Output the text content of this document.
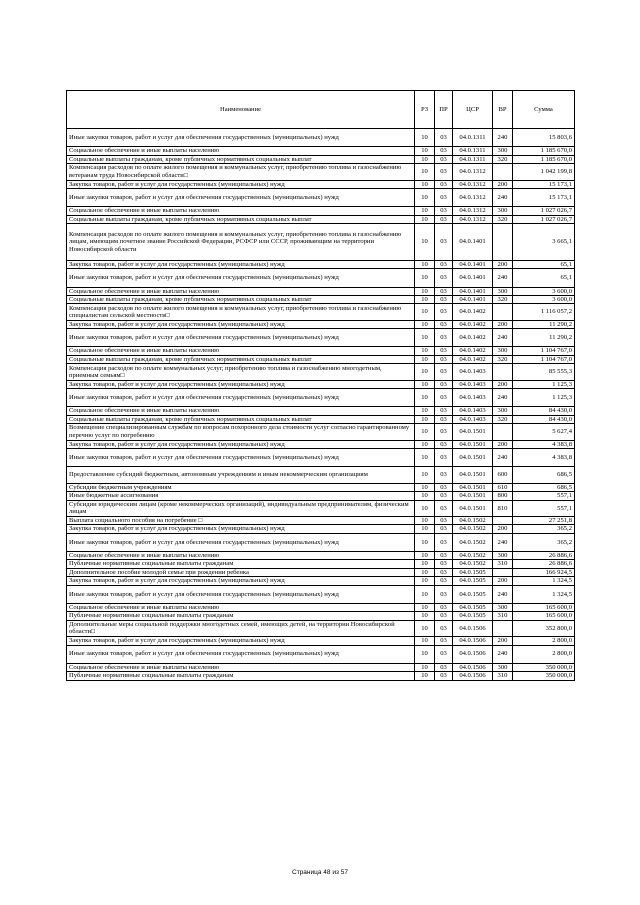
Наименование	РЗ	ПР	ЦСР	ВР	Сумма
Иные закупки товаров, работ и услуг для обеспечения государственных (муниципальных) нужд	10	03	04.0.1311	240	15 803,6
Социальное обеспечение и иные выплаты населению	10	03	04.0.1311	300	1 185 670,0
Социальные выплаты гражданам, кроме публичных нормативных социальных выплат	10	03	04.0.1311	320	1 185 670,0
Компенсация расходов по оплате жилого помещения и коммунальных услуг, приобретению топлива и газоснабжению ветеранам труда Новосибирской области□	10	03	04.0.1312		1 042 199,8
Закупка товаров, работ и услуг для государственных (муниципальных) нужд	10	03	04.0.1312	200	15 173,1
Иные закупки товаров, работ и услуг для обеспечения государственных (муниципальных) нужд	10	03	04.0.1312	240	15 173,1
Социальное обеспечение и иные выплаты населению	10	03	04.0.1312	300	1 027 026,7
Социальные выплаты гражданам, кроме публичных нормативных социальных выплат	10	03	04.0.1312	320	1 027 026,7
Компенсация расходов по оплате жилого помещения и коммунальных услуг, приобретению топлива и газоснабжению лицам, имеющим почетное звание Российской Федерации, РСФСР или СССР, проживающим на территории Новосибирской области	10	03	04.0.1401		3 665,1
Закупка товаров, работ и услуг для государственных (муниципальных) нужд	10	03	04.0.1401	200	65,1
Иные закупки товаров, работ и услуг для обеспечения государственных (муниципальных) нужд	10	03	04.0.1401	240	65,1
Социальное обеспечение и иные выплаты населению	10	03	04.0.1401	300	3 600,0
Социальные выплаты гражданам, кроме публичных нормативных социальных выплат	10	03	04.0.1401	320	3 600,0
Компенсация расходов по оплате жилого помещения и коммунальных услуг, приобретению топлива и газоснабжению специалистам сельской местности□	10	03	04.0.1402		1 116 057,2
Закупка товаров, работ и услуг для государственных (муниципальных) нужд	10	03	04.0.1402	200	11 290,2
Иные закупки товаров, работ и услуг для обеспечения государственных (муниципальных) нужд	10	03	04.0.1402	240	11 290,2
Социальное обеспечение и иные выплаты населению	10	03	04.0.1402	300	1 104 767,0
Социальные выплаты гражданам, кроме публичных нормативных социальных выплат	10	03	04.0.1402	320	1 104 767,0
Компенсация расходов по оплате коммунальных услуг, приобретению топлива и газоснабжению многодетным, приемным семьям□	10	03	04.0.1403		85 555,3
Закупка товаров, работ и услуг для государственных (муниципальных) нужд	10	03	04.0.1403	200	1 125,3
Иные закупки товаров, работ и услуг для обеспечения государственных (муниципальных) нужд	10	03	04.0.1403	240	1 125,3
Социальное обеспечение и иные выплаты населению	10	03	04.0.1403	300	84 430,0
Социальные выплаты гражданам, кроме публичных нормативных социальных выплат	10	03	04.0.1403	320	84 430,0
Возмещение специализированным службам по вопросам похоронного дела стоимости услуг согласно гарантированному перечню услуг по погребению	10	03	04.0.1501		5 627,4
Закупка товаров, работ и услуг для государственных (муниципальных) нужд	10	03	04.0.1501	200	4 383,8
Иные закупки товаров, работ и услуг для обеспечения государственных (муниципальных) нужд	10	03	04.0.1501	240	4 383,8
Предоставление субсидий бюджетным, автономным учреждениям и иным некоммерческим организациям	10	03	04.0.1501	600	686,5
Субсидии бюджетным учреждениям	10	03	04.0.1501	610	686,5
Иные бюджетные ассигнования	10	03	04.0.1501	800	557,1
Субсидии юридическим лицам (кроме некоммерческих организаций), индивидуальным предпринимателям, физическим лицам	10	03	04.0.1501	810	557,1
Выплата социального пособия на погребение □	10	03	04.0.1502		27 251,8
Закупка товаров, работ и услуг для государственных (муниципальных) нужд	10	03	04.0.1502	200	365,2
Иные закупки товаров, работ и услуг для обеспечения государственных (муниципальных) нужд	10	03	04.0.1502	240	365,2
Социальное обеспечение и иные выплаты населению	10	03	04.0.1502	300	26 886,6
Публичные нормативные социальные выплаты гражданам	10	03	04.0.1502	310	26 886,6
Дополнительное пособие молодой семье при рождении ребенка	10	03	04.0.1505		166 924,5
Закупка товаров, работ и услуг для государственных (муниципальных) нужд	10	03	04.0.1505	200	1 324,5
Иные закупки товаров, работ и услуг для обеспечения государственных (муниципальных) нужд	10	03	04.0.1505	240	1 324,5
Социальное обеспечение и иные выплаты населению	10	03	04.0.1505	300	165 600,0
Публичные нормативные социальные выплаты гражданам	10	03	04.0.1505	310	165 600,0
Дополнительные меры социальной поддержки многодетных семей, имеющих детей, на территории Новосибирской области□	10	03	04.0.1506		352 800,0
Закупка товаров, работ и услуг для государственных (муниципальных) нужд	10	03	04.0.1506	200	2 800,0
Иные закупки товаров, работ и услуг для обеспечения государственных (муниципальных) нужд	10	03	04.0.1506	240	2 800,0
Социальное обеспечение и иные выплаты населению	10	03	04.0.1506	300	350 000,0
Публичные нормативные социальные выплаты гражданам	10	03	04.0.1506	310	350 000,0
Страница 48 из 57
